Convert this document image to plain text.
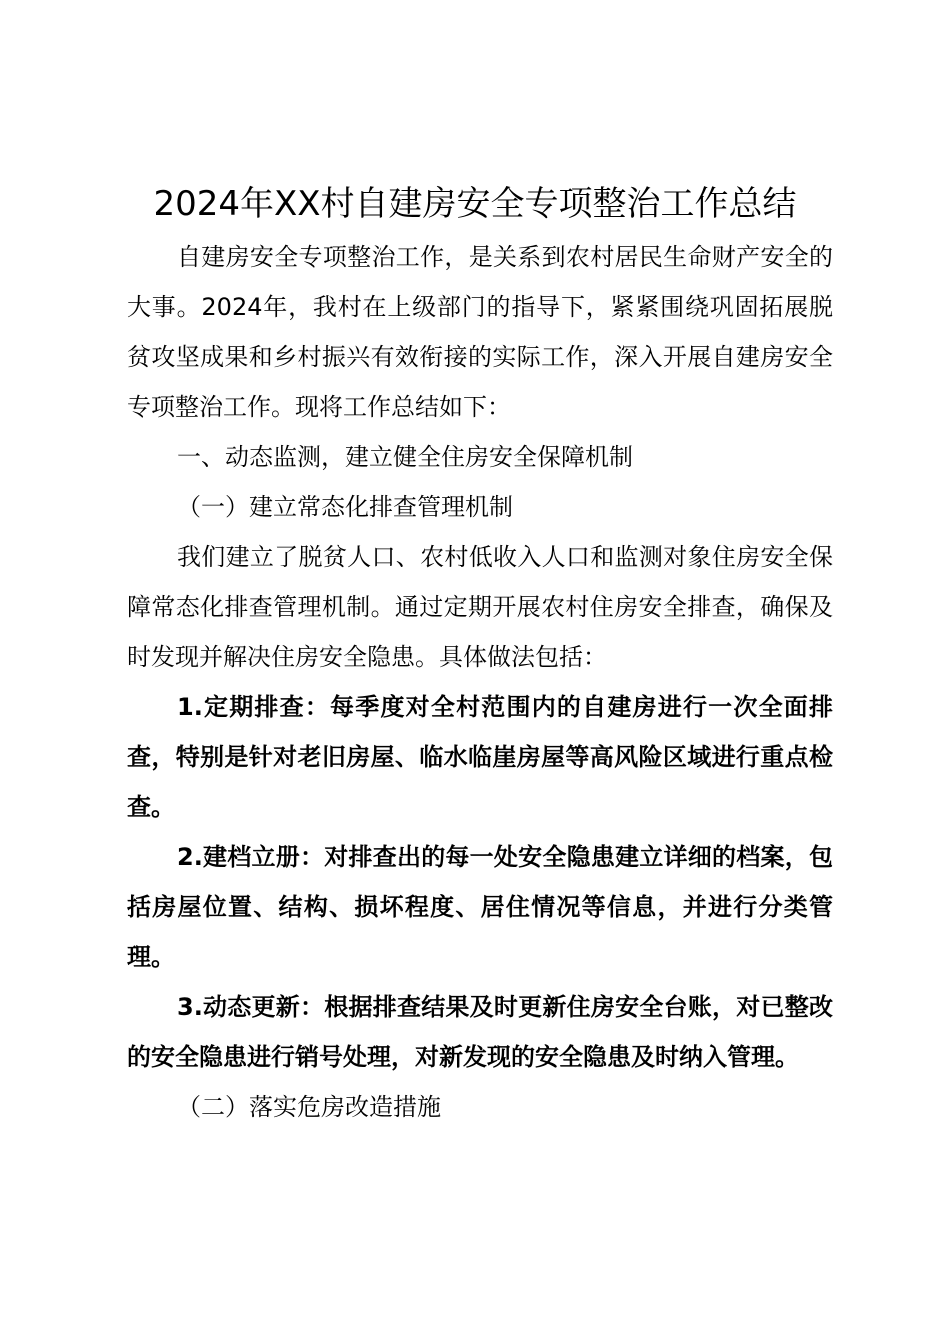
2024年XX村自建房安全专项整治工作总结

自建房安全专项整治工作，是关系到农村居民生命财产安全的大事。2024年，我村在上级部门的指导下，紧紧围绕巩固拓展脱贫攻坚成果和乡村振兴有效衔接的实际工作，深入开展自建房安全专项整治工作。现将工作总结如下：

一、动态监测，建立健全住房安全保障机制

（一）建立常态化排查管理机制

我们建立了脱贫人口、农村低收入人口和监测对象住房安全保障常态化排查管理机制。通过定期开展农村住房安全排查，确保及时发现并解决住房安全隐患。具体做法包括：

1.定期排查：每季度对全村范围内的自建房进行一次全面排查，特别是针对老旧房屋、临水临崖房屋等高风险区域进行重点检查。

2.建档立册：对排查出的每一处安全隐患建立详细的档案，包括房屋位置、结构、损坏程度、居住情况等信息，并进行分类管理。

3.动态更新：根据排查结果及时更新住房安全台账，对已整改的安全隐患进行销号处理，对新发现的安全隐患及时纳入管理。

（二）落实危房改造措施
